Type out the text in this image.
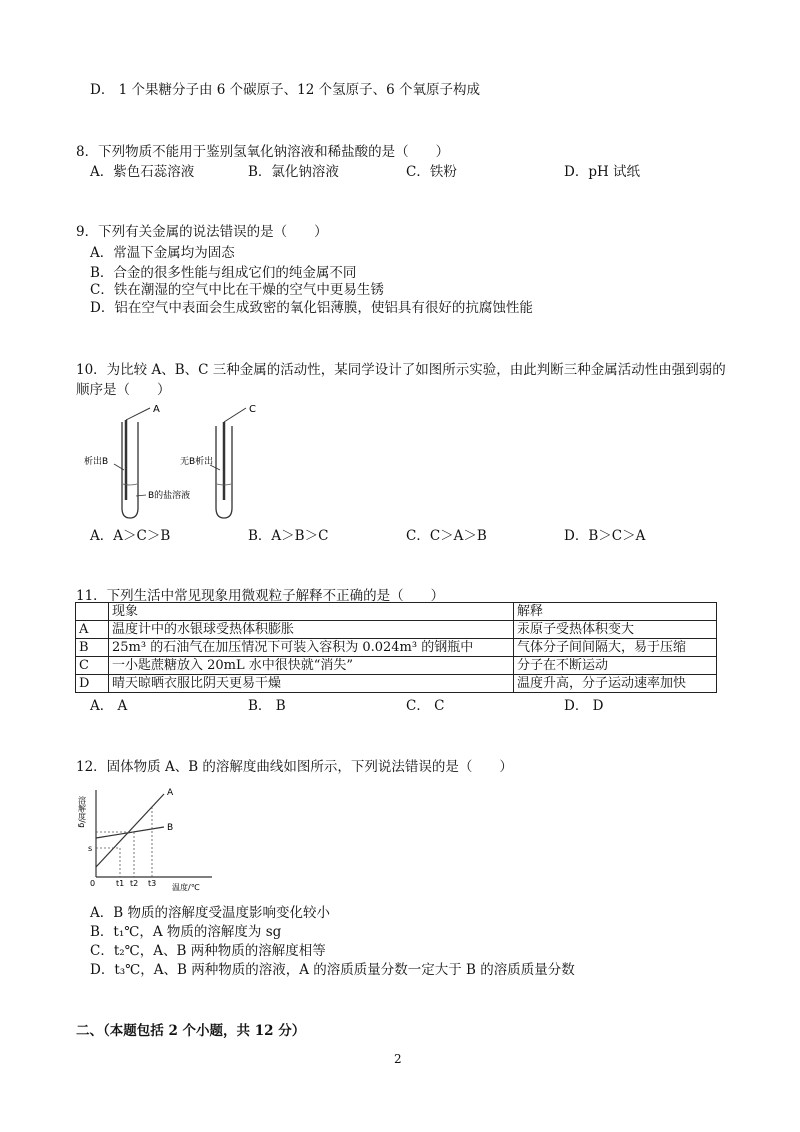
D． 1 个果糖分子由 6 个碳原子、12 个氢原子、6 个氧原子构成
8．下列物质不能用于鉴别氢氧化钠溶液和稀盐酸的是（　　）
A．紫色石蕊溶液	B．氯化钠溶液	C．铁粉	D．pH 试纸
9．下列有关金属的说法错误的是（　　）
A．常温下金属均为固态
B．合金的很多性能与组成它们的纯金属不同
C．铁在潮湿的空气中比在干燥的空气中更易生锈
D．铝在空气中表面会生成致密的氧化铝薄膜，使铝具有很好的抗腐蚀性能
10．为比较 A、B、C 三种金属的活动性，某同学设计了如图所示实验，由此判断三种金属活动性由强到弱的
顺序是（　　）
A
析出B
B的盐溶液
C
无B析出
A．A＞C＞B	B．A＞B＞C	C．C＞A＞B	D．B＞C＞A
11．下列生活中常见现象用微观粒子解释不正确的是（　　）
	现象	解释
A	温度计中的水银球受热体积膨胀	汞原子受热体积变大
B	25m³ 的石油气在加压情况下可装入容积为 0.024m³ 的钢瓶中	气体分子间间隔大，易于压缩
C	一小匙蔗糖放入 20mL 水中很快就“消失”	分子在不断运动
D	晴天晾晒衣服比阴天更易干燥	温度升高，分子运动速率加快
A． A	B． B	C． C	D． D
12．固体物质 A、B 的溶解度曲线如图所示，下列说法错误的是（　　）
溶解度/g
温度/℃
0
A
B
s
t1 t2 t3
A．B 物质的溶解度受温度影响变化较小
B．t₁℃，A 物质的溶解度为 sg
C．t₂℃，A、B 两种物质的溶解度相等
D．t₃℃，A、B 两种物质的溶液，A 的溶质质量分数一定大于 B 的溶质质量分数
二、（本题包括 2 个小题，共 12 分）
2
